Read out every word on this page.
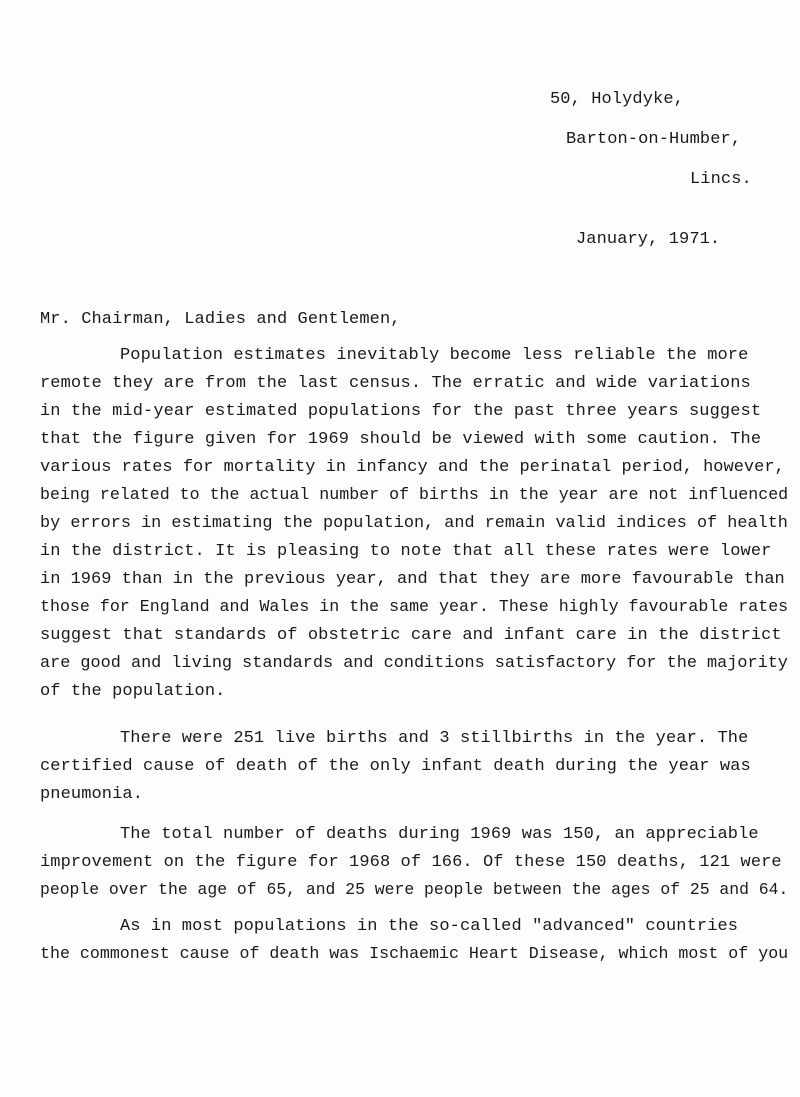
50, Holydyke,
Barton-on-Humber,
Lincs.
January, 1971.
Mr. Chairman, Ladies and Gentlemen,
Population estimates inevitably become less reliable the more
remote they are from the last census. The erratic and wide variations
in the mid-year estimated populations for the past three years suggest
that the figure given for 1969 should be viewed with some caution. The
various rates for mortality in infancy and the perinatal period, however,
being related to the actual number of births in the year are not influenced
by errors in estimating the population, and remain valid indices of health
in the district. It is pleasing to note that all these rates were lower
in 1969 than in the previous year, and that they are more favourable than
those for England and Wales in the same year. These highly favourable rates
suggest that standards of obstetric care and infant care in the district
are good and living standards and conditions satisfactory for the majority
of the population.
There were 251 live births and 3 stillbirths in the year. The
certified cause of death of the only infant death during the year was
pneumonia.
The total number of deaths during 1969 was 150, an appreciable
improvement on the figure for 1968 of 166. Of these 150 deaths, 121 were
people over the age of 65, and 25 were people between the ages of 25 and 64.
As in most populations in the so-called "advanced" countries
the commonest cause of death was Ischaemic Heart Disease, which most of you
